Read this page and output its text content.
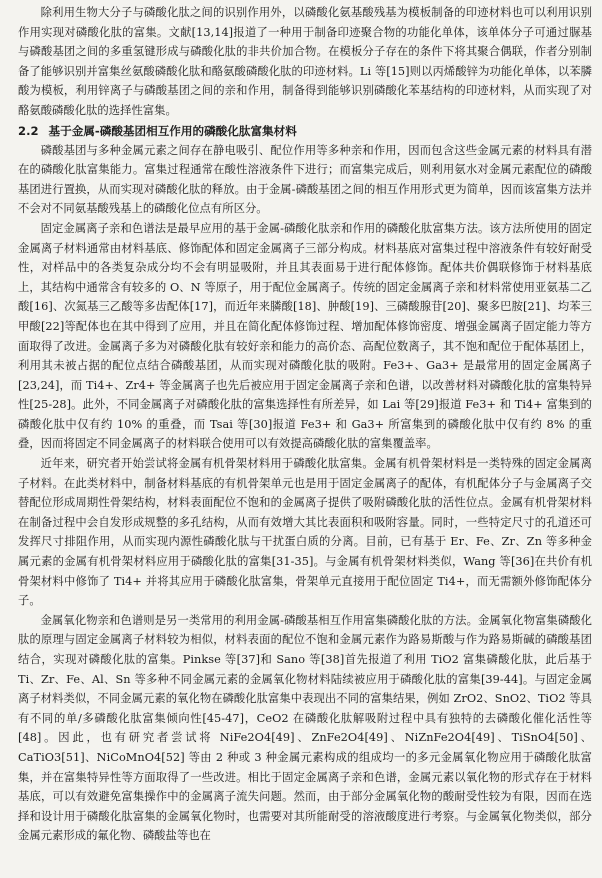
除利用生物大分子与磷酸化肽之间的识别作用外，以磷酸化氨基酸残基为模板制备的印迹材料也可以利用识别作用实现对磷酸化肽的富集。文献[13,14]报道了一种用于制备印迹聚合物的功能化单体，该单体分子可通过脲基与磷酸基团之间的多重氢键形成与磷酸化肽的非共价加合物。在模板分子存在的条件下将其聚合偶联，作者分别制备了能够识别并富集丝氨酸磷酸化肽和酪氨酸磷酸化肽的印迹材料。Li 等[15]则以丙烯酸锌为功能化单体，以苯膦酸为模板，利用锌离子与磷酸基团之间的亲和作用，制备得到能够识别磷酸化苯基结构的印迹材料，从而实现了对酪氨酸磷酸化肽的选择性富集。

2.2 基于金属-磷酸基团相互作用的磷酸化肽富集材料

磷酸基团与多种金属元素之间存在静电吸引、配位作用等多种亲和作用，因而包含这些金属元素的材料具有潜在的磷酸化肽富集能力。富集过程通常在酸性溶液条件下进行；而富集完成后，则利用氨水对金属元素配位的磷酸基团进行置换，从而实现对磷酸化肽的释放。由于金属-磷酸基团之间的相互作用形式更为简单，因而该富集方法并不会对不同氨基酸残基上的磷酸化位点有所区分。

固定金属离子亲和色谱法是最早应用的基于金属-磷酸化肽亲和作用的磷酸化肽富集方法。该方法所使用的固定金属离子材料通常由材料基底、修饰配体和固定金属离子三部分构成。材料基底对富集过程中溶液条件有较好耐受性，对样品中的各类复杂成分均不会有明显吸附，并且其表面易于进行配体修饰。配体共价偶联修饰于材料基底上，其结构中通常含有较多的 O、N 等原子，用于配位金属离子。传统的固定金属离子亲和材料常使用亚氨基二乙酸[16]、次氮基三乙酸等多齿配体[17]，而近年来膦酸[18]、肿酸[19]、三磷酸腺苷[20]、聚多巴胺[21]、均苯三甲酸[22]等配体也在其中得到了应用，并且在简化配体修饰过程、增加配体修饰密度、增强金属离子固定能力等方面取得了改进。金属离子多为对磷酸化肽有较好亲和能力的高价态、高配位数离子，其不饱和配位于配体基团上，利用其未被占据的配位点结合磷酸基团，从而实现对磷酸化肽的吸附。Fe3+、Ga3+ 是最常用的固定金属离子[23,24]，而 Ti4+、Zr4+ 等金属离子也先后被应用于固定金属离子亲和色谱，以改善材料对磷酸化肽的富集特异性[25-28]。此外，不同金属离子对磷酸化肽的富集选择性有所差异，如 Lai 等[29]报道 Fe3+ 和 Ti4+ 富集到的磷酸化肽中仅有约 10% 的重叠，而 Tsai 等[30]报道 Fe3+ 和 Ga3+ 所富集到的磷酸化肽中仅有约 8% 的重叠，因而将固定不同金属离子的材料联合使用可以有效提高磷酸化肽的富集覆盖率。

近年来，研究者开始尝试将金属有机骨架材料用于磷酸化肽富集。金属有机骨架材料是一类特殊的固定金属离子材料。在此类材料中，制备材料基底的有机骨架单元也是用于固定金属离子的配体，有机配体分子与金属离子交替配位形成周期性骨架结构，材料表面配位不饱和的金属离子提供了吸附磷酸化肽的活性位点。金属有机骨架材料在制备过程中会自发形成规整的多孔结构，从而有效增大其比表面积和吸附容量。同时，一些特定尺寸的孔道还可发挥尺寸排阻作用，从而实现内源性磷酸化肽与干扰蛋白质的分离。目前，已有基于 Er、Fe、Zr、Zn 等多种金属元素的金属有机骨架材料应用于磷酸化肽的富集[31-35]。与金属有机骨架材料类似，Wang 等[36]在共价有机骨架材料中修饰了 Ti4+ 并将其应用于磷酸化肽富集，骨架单元直接用于配位固定 Ti4+，而无需额外修饰配体分子。

金属氧化物亲和色谱则是另一类常用的利用金属-磷酸基相互作用富集磷酸化肽的方法。金属氧化物富集磷酸化肽的原理与固定金属离子材料较为相似，材料表面的配位不饱和金属元素作为路易斯酸与作为路易斯碱的磷酸基团结合，实现对磷酸化肽的富集。Pinkse 等[37]和 Sano 等[38]首先报道了利用 TiO2 富集磷酸化肽，此后基于 Ti、Zr、Fe、Al、Sn 等多种不同金属元素的金属氧化物材料陆续被应用于磷酸化肽的富集[39-44]。与固定金属离子材料类似，不同金属元素的氧化物在磷酸化肽富集中表现出不同的富集结果，例如 ZrO2、SnO2、TiO2 等具有不同的单/多磷酸化肽富集倾向性[45-47]，CeO2 在磷酸化肽解吸附过程中具有独特的去磷酸化催化活性等[48]。因此，也有研究者尝试将 NiFe2O4[49]、ZnFe2O4[49]、NiZnFe2O4[49]、TiSnO4[50]、CaTiO3[51]、NiCoMnO4[52] 等由 2 种或 3 种金属元素构成的组成均一的多元金属氧化物应用于磷酸化肽富集，并在富集特异性等方面取得了一些改进。相比于固定金属离子亲和色谱，金属元素以氧化物的形式存在于材料基底，可以有效避免富集操作中的金属离子流失问题。然而，由于部分金属氧化物的酸耐受性较为有限，因而在选择和设计用于磷酸化肽富集的金属氧化物时，也需要对其所能耐受的溶液酸度进行考察。与金属氧化物类似，部分金属元素形成的氟化物、磷酸盐等也在
